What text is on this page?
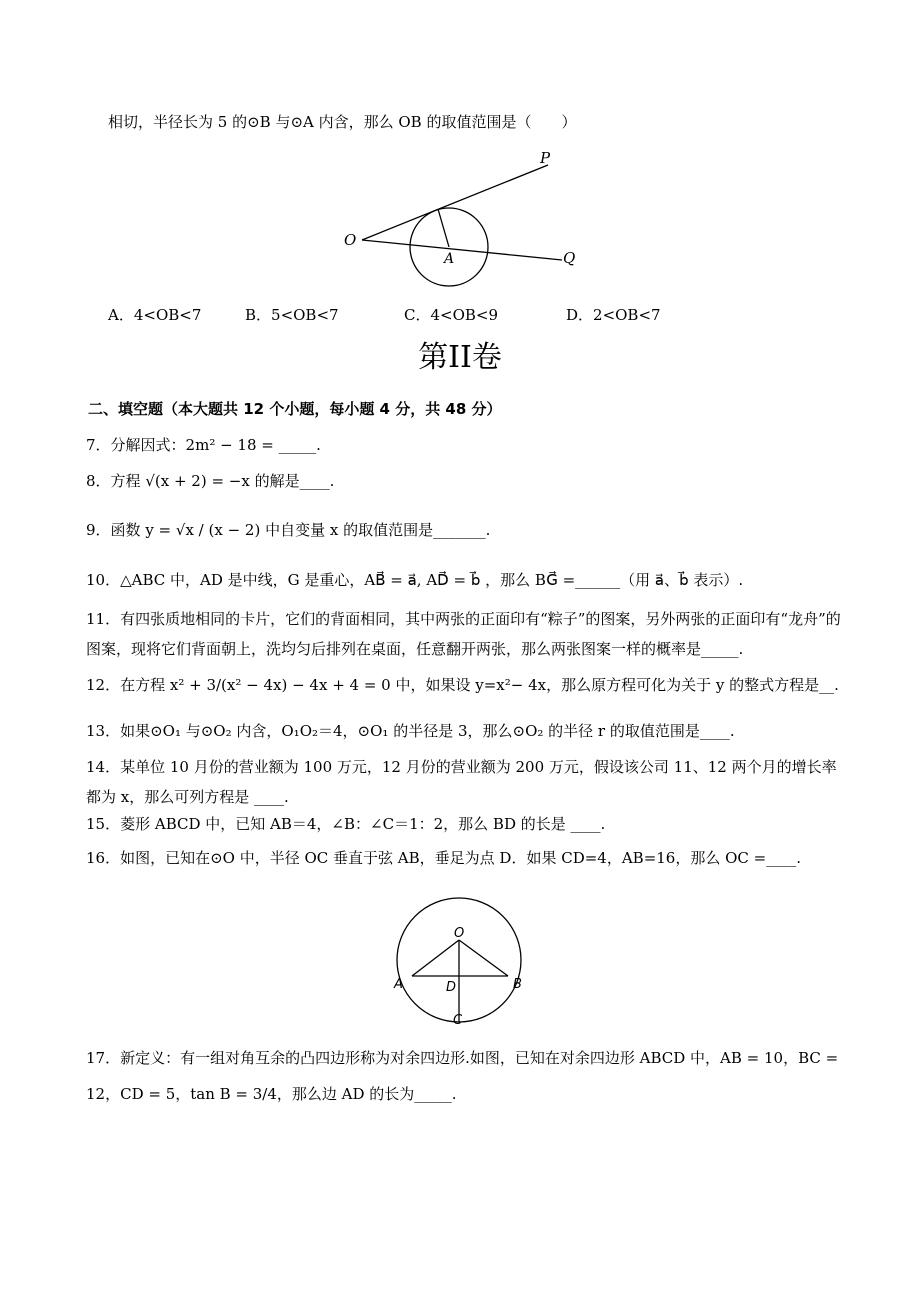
相切，半径长为 5 的⊙B 与⊙A 内含，那么 OB 的取值范围是（　　）
P
O
A	Q
A．4<OB<7	B．5<OB<7	C．4<OB<9	D．2<OB<7
第II卷
二、填空题（本大题共 12 个小题，每小题 4 分，共 48 分）
7．分解因式：2m² − 18 = _____.
8．方程 √(x + 2) = −x 的解是____.
9．函数 y = √x / (x − 2) 中自变量 x 的取值范围是_______.
10．△ABC 中，AD 是中线，G 是重心，AB⃗ = a⃗, AD⃗ = b⃗ ，那么 BG⃗ =______（用 a⃗、b⃗ 表示）.
11．有四张质地相同的卡片，它们的背面相同，其中两张的正面印有“粽子”的图案，另外两张的正面印有“龙舟”的图案，现将它们背面朝上，洗均匀后排列在桌面，任意翻开两张，那么两张图案一样的概率是_____.
12．在方程 x² + 3/(x² − 4x) − 4x + 4 = 0 中，如果设 y=x²− 4x，那么原方程可化为关于 y 的整式方程是__.
13．如果⊙O₁ 与⊙O₂ 内含，O₁O₂＝4，⊙O₁ 的半径是 3，那么⊙O₂ 的半径 r 的取值范围是____.
14．某单位 10 月份的营业额为 100 万元，12 月份的营业额为 200 万元，假设该公司 11、12 两个月的增长率都为 x，那么可列方程是 ____.
15．菱形 ABCD 中，已知 AB＝4，∠B：∠C＝1：2，那么 BD 的长是 ____.
16．如图，已知在⊙O 中，半径 OC 垂直于弦 AB，垂足为点 D．如果 CD=4，AB=16，那么 OC =____.
O
A	B
D
C
17．新定义：有一组对角互余的凸四边形称为对余四边形.如图，已知在对余四边形 ABCD 中，AB = 10，BC = 12，CD = 5，tan B = 3/4，那么边 AD 的长为_____.
